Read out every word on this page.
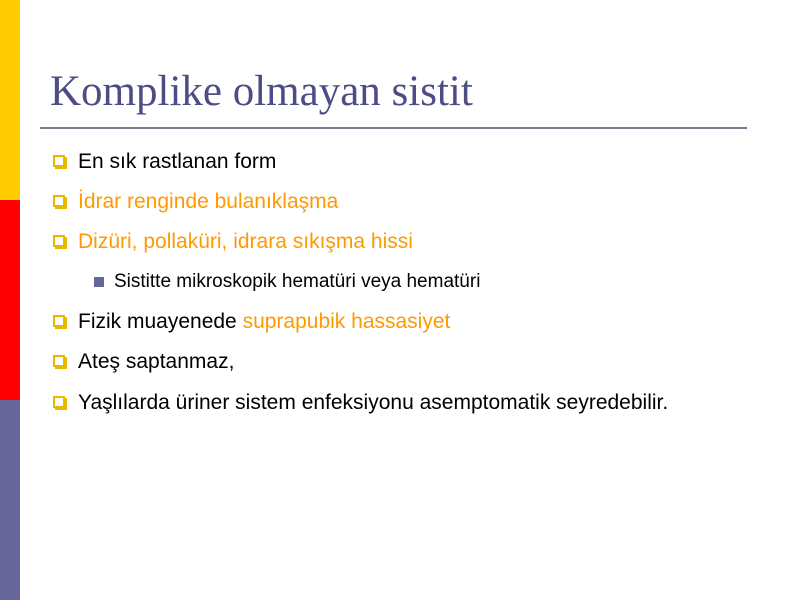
Komplike olmayan sistit
En sık rastlanan form
İdrar renginde bulanıklaşma
Dizüri, pollaküri, idrara sıkışma hissi
Sistitte mikroskopik hematüri veya hematüri
Fizik muayenede suprapubik hassasiyet
Ateş saptanmaz,
Yaşlılarda üriner sistem enfeksiyonu asemptomatik seyredebilir.
